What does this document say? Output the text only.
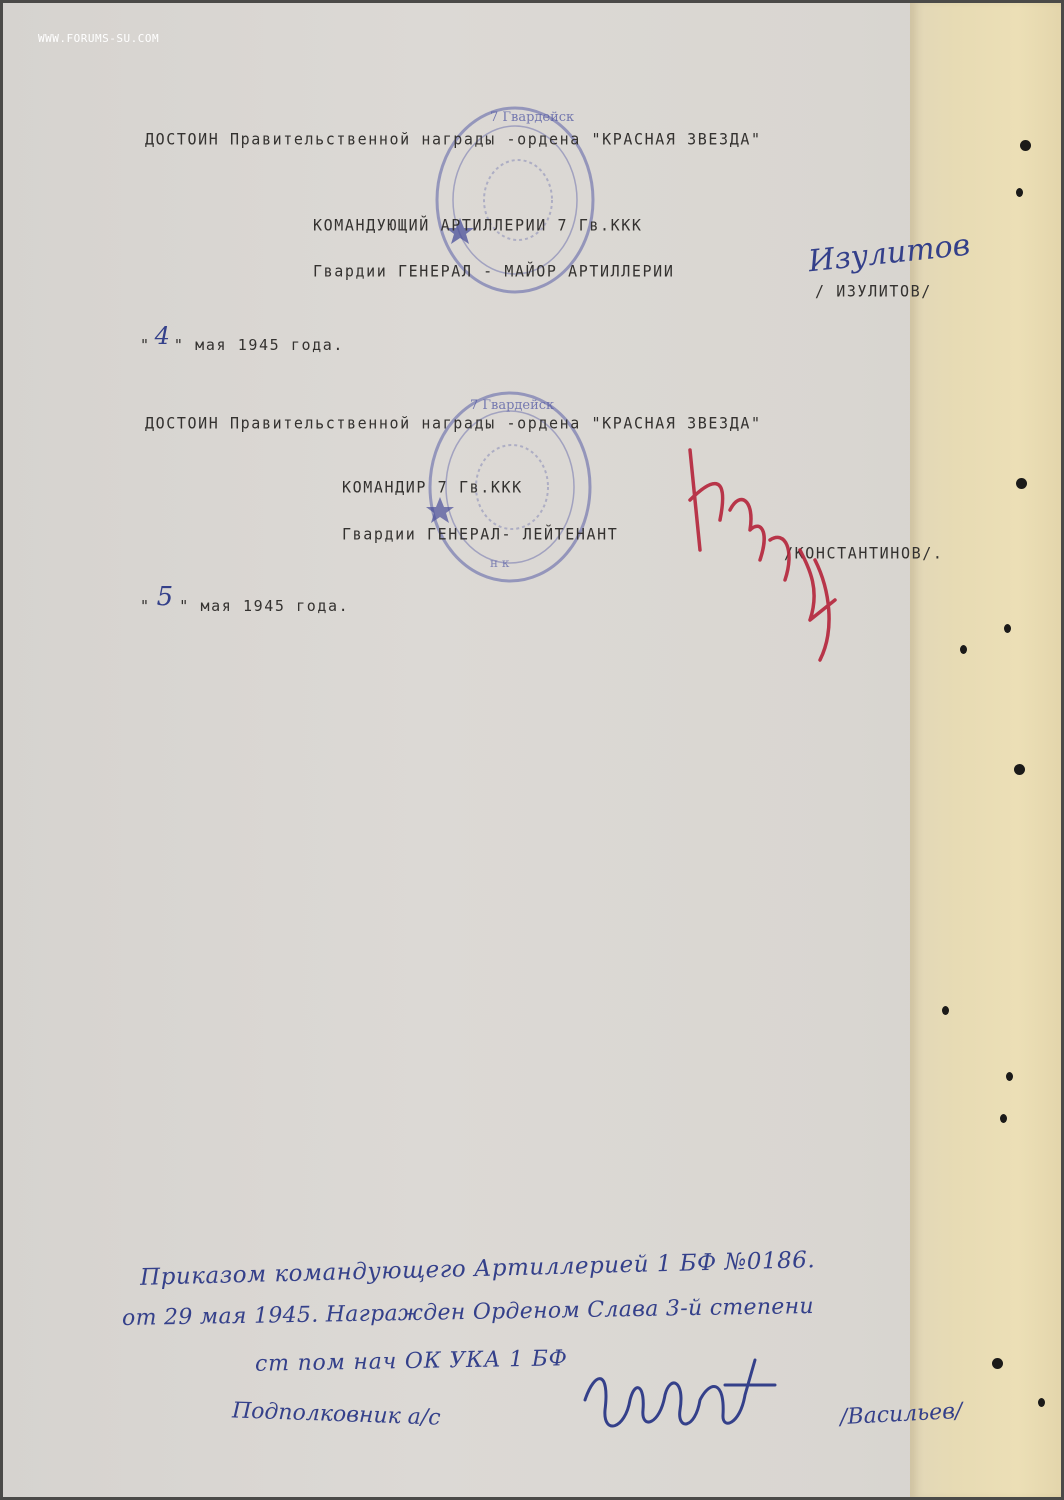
WWW.FORUMS-SU.COM
7 Гвардейск
7 Гвардейск
н к
ДОСТОИН Правительственной награды -ордена "КРАСНАЯ ЗВЕЗДА"
КОМАНДУЮЩИЙ АРТИЛЛЕРИИ 7 Гв.ККК
Гвардии ГЕНЕРАЛ - МАЙОР АРТИЛЛЕРИИ
/ ИЗУЛИТОВ/
Изулитов
" 4 " мая 1945 года.
ДОСТОИН Правительственной награды -ордена "КРАСНАЯ ЗВЕЗДА"
КОМАНДИР 7 Гв.ККК
Гвардии ГЕНЕРАЛ- ЛЕЙТЕНАНТ
/КОНСТАНТИНОВ/.
" 5 " мая 1945 года.
Приказом командующего Артиллерией 1 БФ №0186.
от 29 мая 1945. Награжден Орденом Слава 3-й степени
ст пом нач ОК УКА 1 БФ
Подполковник а/с	/Васильев/
